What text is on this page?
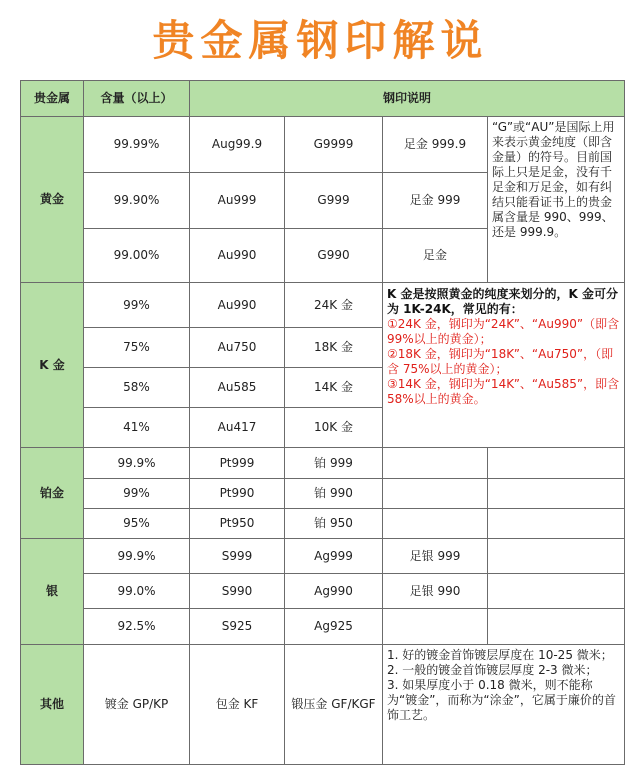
贵金属钢印解说
贵金属	含量（以上）	钢印说明			
黄金	99.99%	Aug99.9	G9999	足金 999.9	“G”或“AU”是国际上用来表示黄金纯度（即含金量）的符号。目前国际上只是足金，没有千足金和万足金，如有纠结只能看证书上的贵金属含量是 990、999、还是 999.9。
	99.90%	Au999	G999	足金 999	
	99.00%	Au990	G990	足金	
K 金	99%	Au990	24K 金	K 金是按照黄金的纯度来划分的，K 金可分为 1K-24K，常见的有：
①24K 金，钢印为“24K”、“Au990”（即含 99%以上的黄金）；
②18K 金，钢印为“18K”、“Au750”，（即含 75%以上的黄金）；
③14K 金，钢印为“14K”、“Au585”，即含 58%以上的黄金。	

	75%	Au750	18K 金		
	58%	Au585	14K 金		
	41%	Au417	10K 金		
铂金	99.9%	Pt999	铂 999		
	99%	Pt990	铂 990		
	95%	Pt950	铂 950		
银	99.9%	S999	Ag999	足银 999	
	99.0%	S990	Ag990	足银 990	
	92.5%	S925	Ag925		
其他	镀金 GP/KP	包金 KF	锻压金 GF/KGF	1. 好的镀金首饰镀层厚度在 10-25 微米；
2. 一般的镀金首饰镀层厚度 2-3 微米；
3. 如果厚度小于 0.18 微米，则不能称为“镀金”，而称为“涂金”，它属于廉价的首饰工艺。	
